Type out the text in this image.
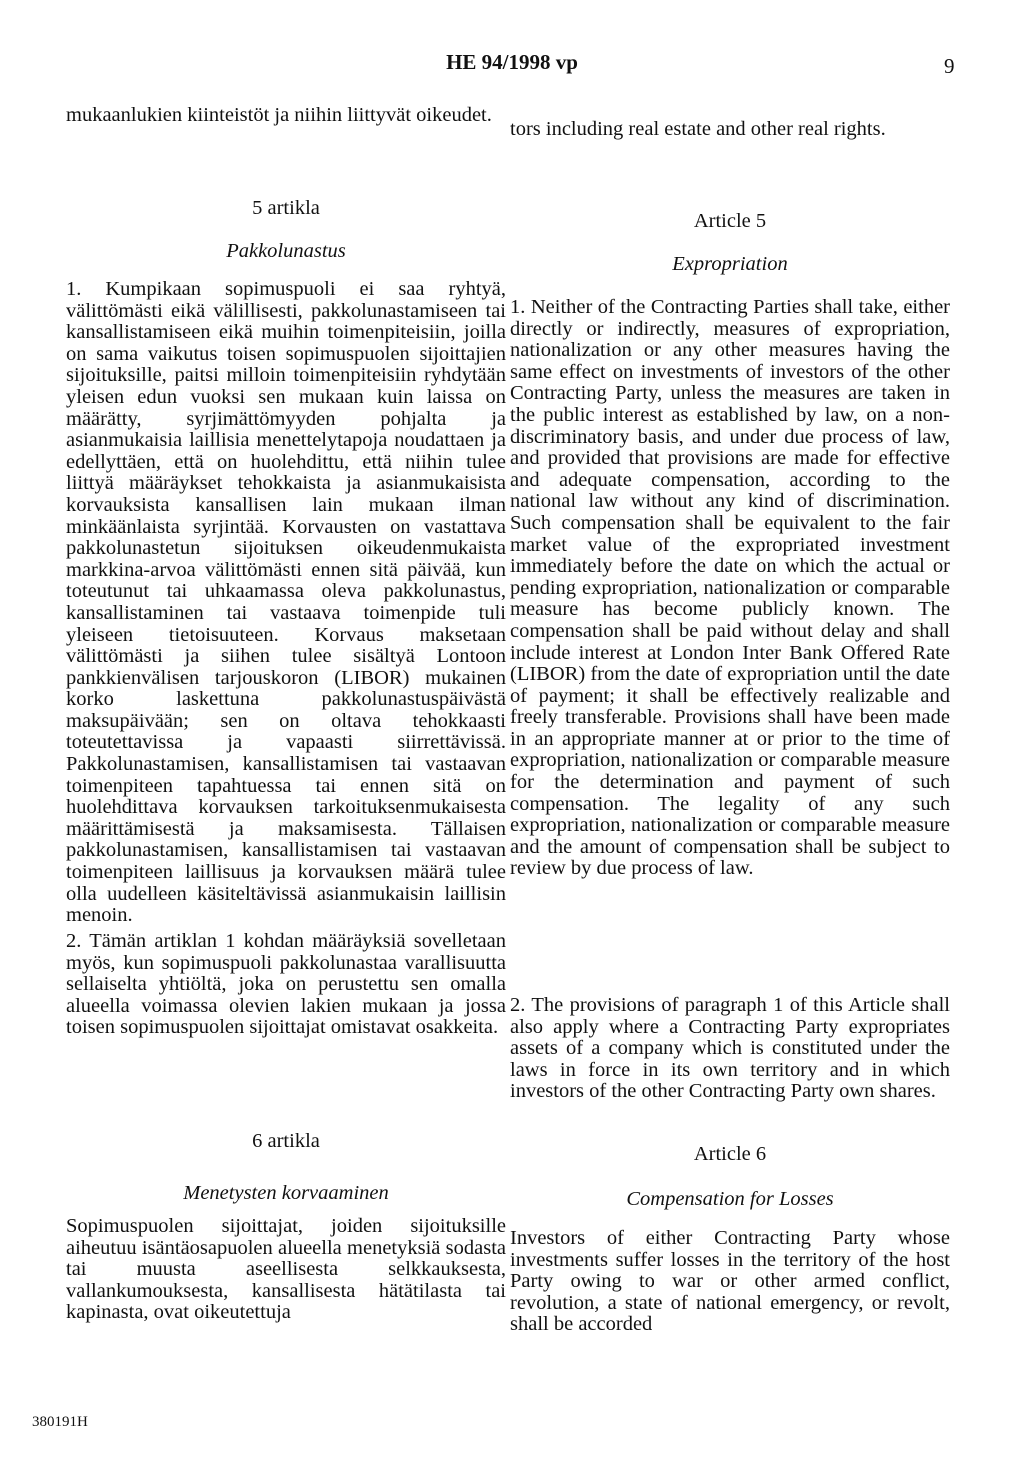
HE 94/1998 vp	9

mukaanlukien kiinteistöt ja niihin liittyvät oikeudet.

5 artikla
Pakkolunastus

1. Kumpikaan sopimuspuoli ei saa ryhtyä, välittömästi eikä välillisesti, pakkolunastamiseen tai kansallistamiseen eikä muihin toimenpiteisiin, joilla on sama vaikutus toisen sopimuspuolen sijoittajien sijoituksille, paitsi milloin toimenpiteisiin ryhdytään yleisen edun vuoksi sen mukaan kuin laissa on määrätty, syrjimättömyyden pohjalta ja asianmukaisia laillisia menettelytapoja noudattaen ja edellyttäen, että on huolehdittu, että niihin tulee liittyä määräykset tehokkaista ja asianmukaisista korvauksista kansallisen lain mukaan ilman minkäänlaista syrjintää. Korvausten on vastattava pakkolunastetun sijoituksen oikeudenmukaista markkina-arvoa välittömästi ennen sitä päivää, kun toteutunut tai uhkaamassa oleva pakkolunastus, kansallistaminen tai vastaava toimenpide tuli yleiseen tietoisuuteen. Korvaus maksetaan välittömästi ja siihen tulee sisältyä Lontoon pankkienvälisen tarjouskoron (LIBOR) mukainen korko laskettuna pakkolunastuspäivästä maksupäivään; sen on oltava tehokkaasti toteutettavissa ja vapaasti siirrettävissä. Pakkolunastamisen, kansallistamisen tai vastaavan toimenpiteen tapahtuessa tai ennen sitä on huolehdittava korvauksen tarkoituksenmukaisesta määrittämisestä ja maksamisesta. Tällaisen pakkolunastamisen, kansallistamisen tai vastaavan toimenpiteen laillisuus ja korvauksen määrä tulee olla uudelleen käsiteltävissä asianmukaisin laillisin menoin.

2. Tämän artiklan 1 kohdan määräyksiä sovelletaan myös, kun sopimuspuoli pakkolunastaa varallisuutta sellaiselta yhtiöltä, joka on perustettu sen omalla alueella voimassa olevien lakien mukaan ja jossa toisen sopimuspuolen sijoittajat omistavat osakkeita.

6 artikla
Menetysten korvaaminen

Sopimuspuolen sijoittajat, joiden sijoituksille aiheutuu isäntäosapuolen alueella menetyksiä sodasta tai muusta aseellisesta selkkauksesta, vallankumouksesta, kansallisesta hätätilasta tai kapinasta, ovat oikeutettuja

tors including real estate and other real rights.

Article 5
Expropriation

1. Neither of the Contracting Parties shall take, either directly or indirectly, measures of expropriation, nationalization or any other measures having the same effect on investments of investors of the other Contracting Party, unless the measures are taken in the public interest as established by law, on a non-discriminatory basis, and under due process of law, and provided that provisions are made for effective and adequate compensation, according to the national law without any kind of discrimination. Such compensation shall be equivalent to the fair market value of the expropriated investment immediately before the date on which the actual or pending expropriation, nationalization or comparable measure has become publicly known. The compensation shall be paid without delay and shall include interest at London Inter Bank Offered Rate (LIBOR) from the date of expropriation until the date of payment; it shall be effectively realizable and freely transferable. Provisions shall have been made in an appropriate manner at or prior to the time of expropriation, nationalization or comparable measure for the determination and payment of such compensation. The legality of any such expropriation, nationalization or comparable measure and the amount of compensation shall be subject to review by due process of law.

2. The provisions of paragraph 1 of this Article shall also apply where a Contracting Party expropriates assets of a company which is constituted under the laws in force in its own territory and in which investors of the other Contracting Party own shares.

Article 6
Compensation for Losses

Investors of either Contracting Party whose investments suffer losses in the territory of the host Party owing to war or other armed conflict, revolution, a state of national emergency, or revolt, shall be accorded

380191H
